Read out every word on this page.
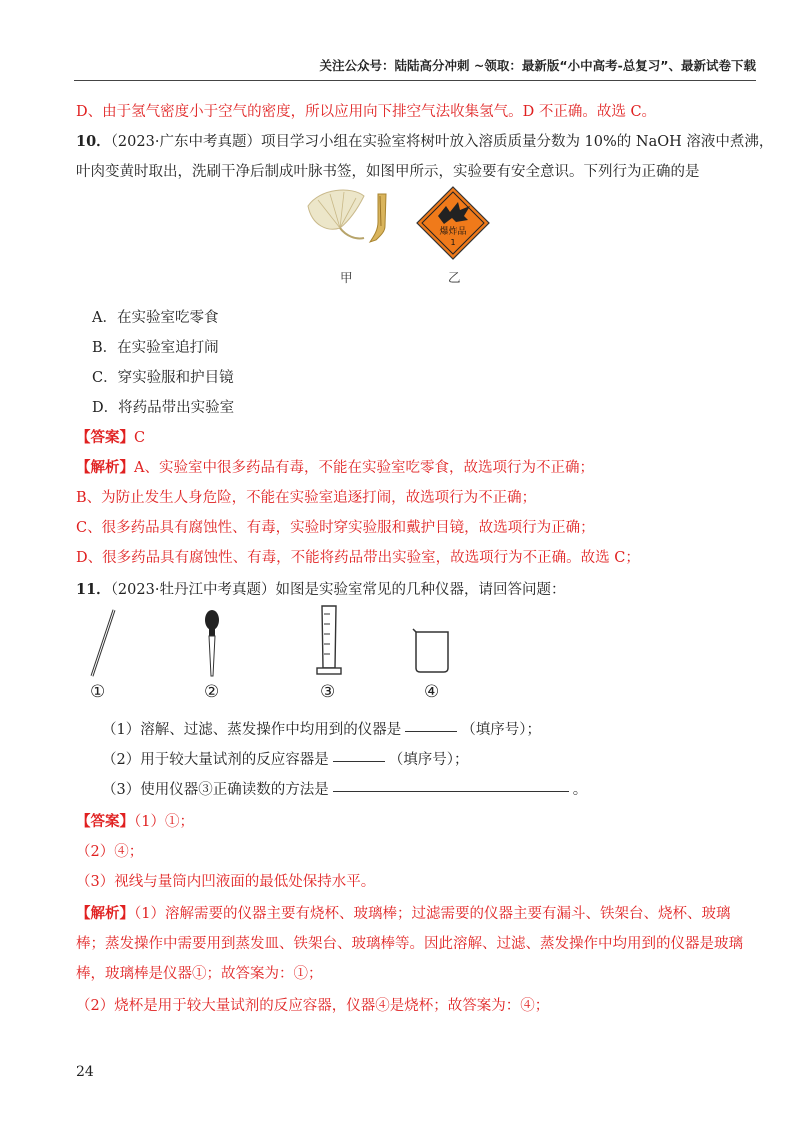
关注公众号：陆陆高分冲刺 ~领取：最新版“小中高考-总复习”、最新试卷下载
D、由于氢气密度小于空气的密度，所以应用向下排空气法收集氢气。D 不正确。故选 C。
10．（2023·广东中考真题）项目学习小组在实验室将树叶放入溶质质量分数为 10%的 NaOH 溶液中煮沸，
叶肉变黄时取出，洗刷干净后制成叶脉书签，如图甲所示，实验要有安全意识。下列行为正确的是
甲
爆炸品
1
乙
A．在实验室吃零食
B．在实验室追打闹
C．穿实验服和护目镜
D．将药品带出实验室
【答案】C
【解析】A、实验室中很多药品有毒，不能在实验室吃零食，故选项行为不正确；
B、为防止发生人身危险，不能在实验室追逐打闹，故选项行为不正确；
C、很多药品具有腐蚀性、有毒，实验时穿实验服和戴护目镜，故选项行为正确；
D、很多药品具有腐蚀性、有毒，不能将药品带出实验室，故选项行为不正确。故选 C；
11．（2023·牡丹江中考真题）如图是实验室常见的几种仪器，请回答问题：
①	②	③	④
（1）溶解、过滤、蒸发操作中均用到的仪器是	（填序号）；
（2）用于较大量试剂的反应容器是	（填序号）；
（3）使用仪器③正确读数的方法是	。
【答案】（1）①；
（2）④；
（3）视线与量筒内凹液面的最低处保持水平。
【解析】（1）溶解需要的仪器主要有烧杯、玻璃棒；过滤需要的仪器主要有漏斗、铁架台、烧杯、玻璃
棒；蒸发操作中需要用到蒸发皿、铁架台、玻璃棒等。因此溶解、过滤、蒸发操作中均用到的仪器是玻璃
棒，玻璃棒是仪器①；故答案为：①；
（2）烧杯是用于较大量试剂的反应容器，仪器④是烧杯；故答案为：④；
24
